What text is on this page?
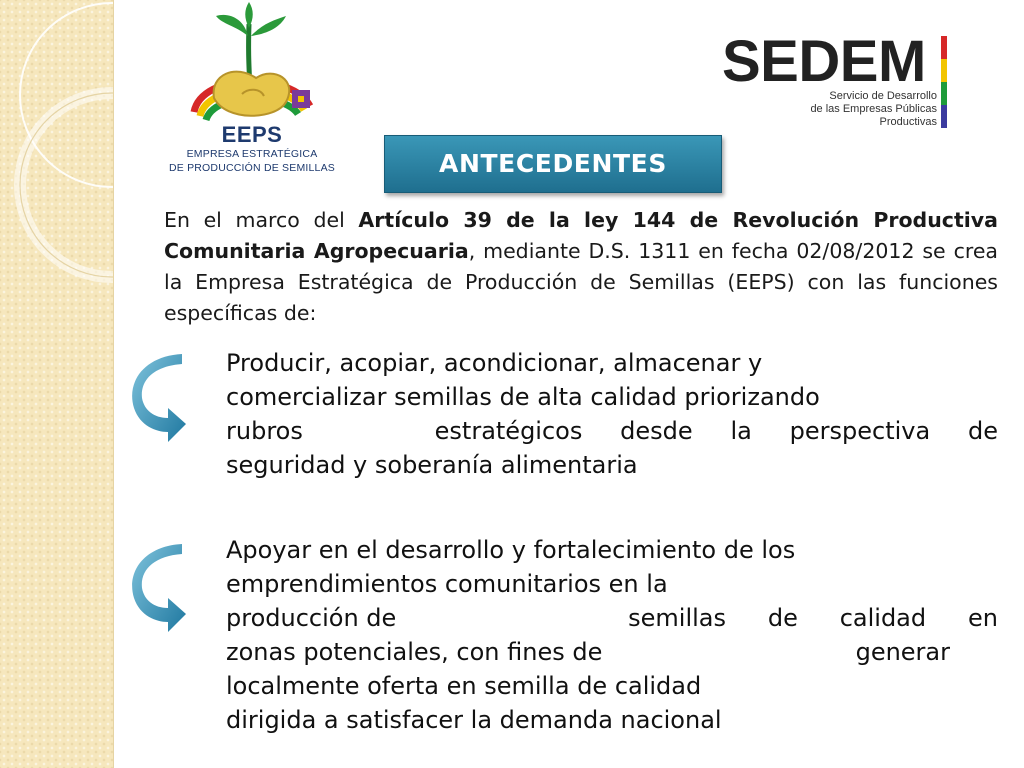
EEPS
EMPRESA ESTRATÉGICA
DE PRODUCCIÓN DE SEMILLAS
SEDEM
Servicio de Desarrollo
de las Empresas Públicas
Productivas
ANTECEDENTES
En el marco del Artículo 39 de la ley 144 de Revolución Productiva Comunitaria Agropecuaria, mediante D.S. 1311 en fecha 02/08/2012 se crea la Empresa Estratégica de Producción de Semillas (EEPS) con las funciones específicas de:
Producir, acopiar, acondicionar, almacenar y
comercializar semillas de alta calidad priorizando
rubros	estratégicos desde la perspectiva de
seguridad y soberanía alimentaria
Apoyar en el desarrollo y fortalecimiento de los
emprendimientos comunitarios en la
producción de	semillas de calidad en
zonas potenciales, con fines de	generar
localmente oferta en semilla de calidad
dirigida a satisfacer la demanda nacional
